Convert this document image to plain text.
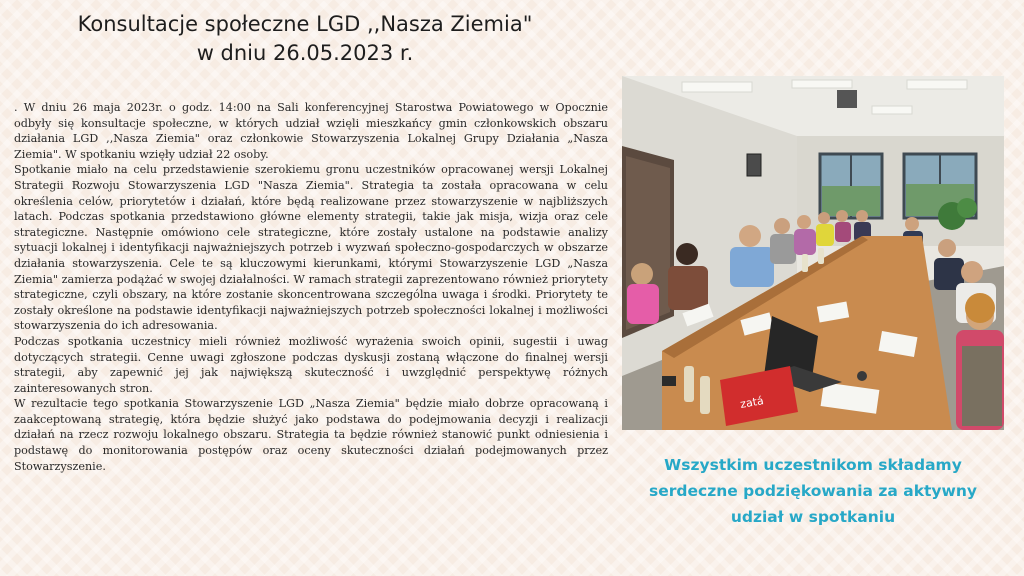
Konsultacje społeczne LGD ,,Nasza Ziemia"
w dniu 26.05.2023 r.

. W dniu 26 maja 2023r. o godz. 14:00 na Sali konferencyjnej Starostwa Powiatowego w Opocznie odbyły się konsultacje społeczne, w których udział wzięli mieszkańcy gmin członkowskich obszaru działania LGD ,,Nasza Ziemia" oraz członkowie Stowarzyszenia Lokalnej Grupy Działania „Nasza Ziemia". W spotkaniu wzięły udział 22 osoby.

Spotkanie miało na celu przedstawienie szerokiemu gronu uczestników opracowanej wersji Lokalnej Strategii Rozwoju Stowarzyszenia LGD "Nasza Ziemia". Strategia ta została opracowana w celu określenia celów, priorytetów i działań, które będą realizowane przez stowarzyszenie w najbliższych latach. Podczas spotkania przedstawiono główne elementy strategii, takie jak misja, wizja oraz cele strategiczne. Następnie omówiono cele strategiczne, które zostały ustalone na podstawie analizy sytuacji lokalnej i identyfikacji najważniejszych potrzeb i wyzwań społeczno-gospodarczych w obszarze działania stowarzyszenia. Cele te są kluczowymi kierunkami, którymi Stowarzyszenie LGD „Nasza Ziemia" zamierza podążać w swojej działalności. W ramach strategii zaprezentowano również priorytety strategiczne, czyli obszary, na które zostanie skoncentrowana szczególna uwaga i środki. Priorytety te zostały określone na podstawie identyfikacji najważniejszych potrzeb społeczności lokalnej i możliwości stowarzyszenia do ich adresowania.

Podczas spotkania uczestnicy mieli również możliwość wyrażenia swoich opinii, sugestii i uwag dotyczących strategii. Cenne uwagi zgłoszone podczas dyskusji zostaną włączone do finalnej wersji strategii, aby zapewnić jej jak największą skuteczność i uwzględnić perspektywę różnych zainteresowanych stron.

W rezultacie tego spotkania Stowarzyszenie LGD „Nasza Ziemia" będzie miało dobrze opracowaną i zaakceptowaną strategię, która będzie służyć jako podstawa do podejmowania decyzji i realizacji działań na rzecz rozwoju lokalnego obszaru. Strategia ta będzie również stanowić punkt odniesienia i podstawę do monitorowania postępów oraz oceny skuteczności działań podejmowanych przez Stowarzyszenie.

zatá
Wszystkim uczestnikom składamy
serdeczne podziękowania za aktywny
udział w spotkaniu
